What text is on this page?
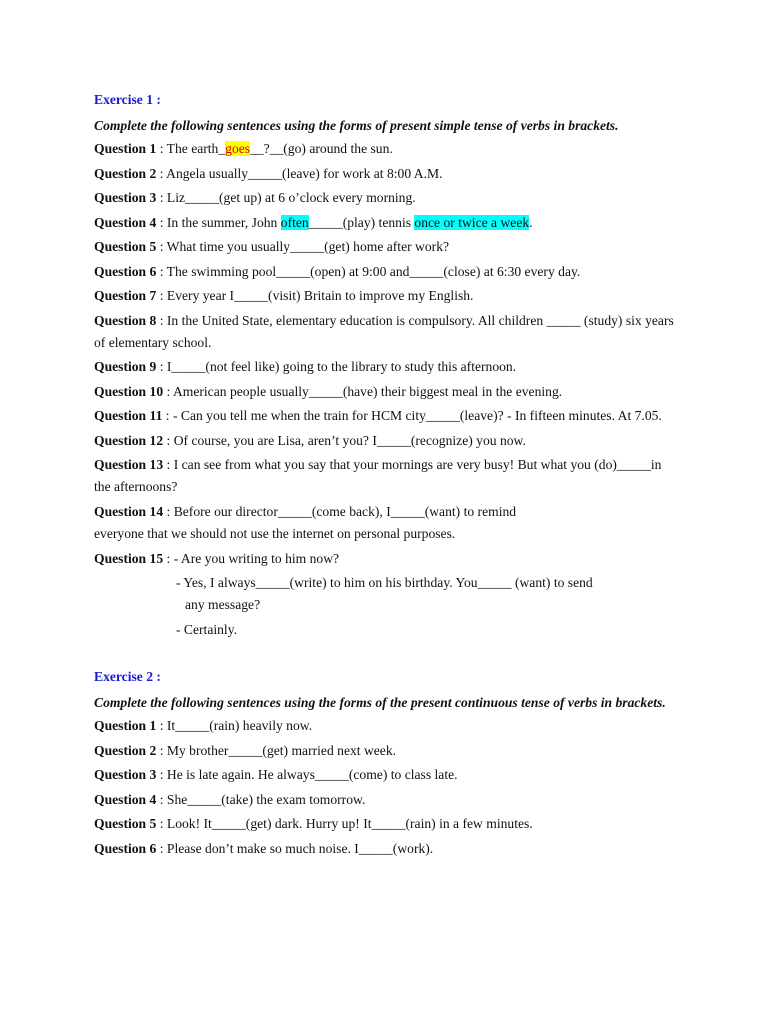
Exercise 1 :
Complete the following sentences using the forms of present simple tense of verbs in brackets.
Question 1 : The earth_goes__?__(go) around the sun.
Question 2 : Angela usually_____(leave) for work at 8:00 A.M.
Question 3 : Liz_____(get up) at 6 o’clock every morning.
Question 4 : In the summer, John often_____(play) tennis once or twice a week.
Question 5 : What time you usually_____(get) home after work?
Question 6 : The swimming pool_____(open) at 9:00 and_____(close) at 6:30 every day.
Question 7 : Every year I_____(visit) Britain to improve my English.
Question 8 : In the United State, elementary education is compulsory. All children _____ (study) six years of elementary school.
Question 9 : I_____(not feel like) going to the library to study this afternoon.
Question 10 : American people usually_____(have) their biggest meal in the evening.
Question 11 : - Can you tell me when the train for HCM city_____(leave)? - In fifteen minutes. At 7.05.
Question 12 : Of course, you are Lisa, aren’t you? I_____(recognize) you now.
Question 13 : I can see from what you say that your mornings are very busy! But what you (do)_____in the afternoons?
Question 14 : Before our director_____(come back), I_____(want) to remind
everyone that we should not use the internet on personal purposes.
Question 15 : - Are you writing to him now?
- Yes, I always_____(write) to him on his birthday. You_____ (want) to send
any message?
- Certainly.
Exercise 2 :
Complete the following sentences using the forms of the present continuous tense of verbs in brackets.
Question 1 : It_____(rain) heavily now.
Question 2 : My brother_____(get) married next week.
Question 3 : He is late again. He always_____(come) to class late.
Question 4 : She_____(take) the exam tomorrow.
Question 5 : Look! It_____(get) dark. Hurry up! It_____(rain) in a few minutes.
Question 6 : Please don’t make so much noise. I_____(work).
